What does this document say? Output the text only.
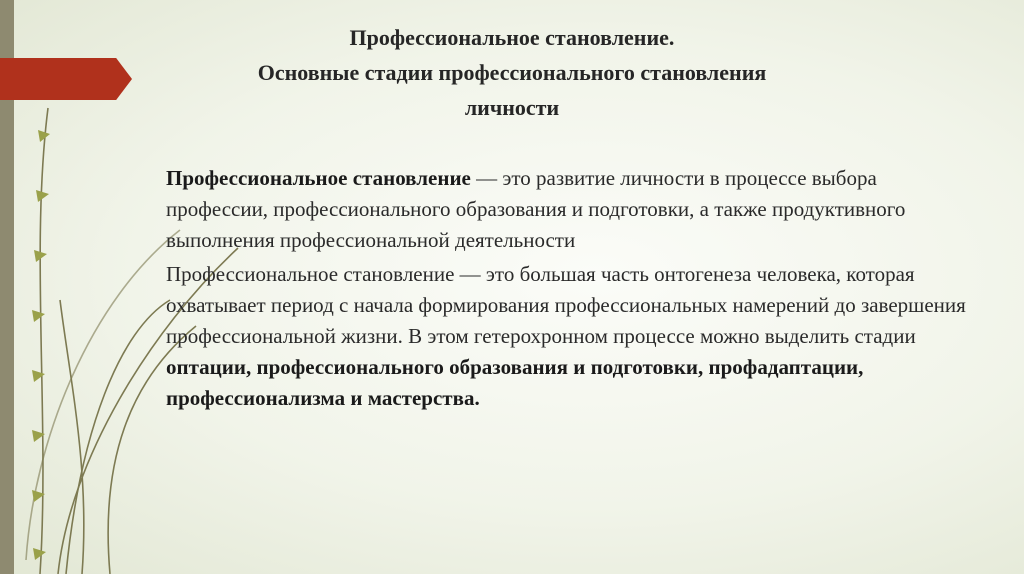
Профессиональное становление.
Основные стадии профессионального становления
личности

Профессиональное становление — это развитие личности в процессе выбора профессии, профессионального образования и подготовки, а также продуктивного выполнения профессиональной деятельности

Профессиональное становление — это большая часть онтогенеза человека, которая охватывает период с начала формирования профессиональных намерений до завершения профессиональной жизни. В этом гетерохронном процессе можно выделить стадии оптации, профессионального образования и подготовки, профадаптации, профессионализма и мастерства.
